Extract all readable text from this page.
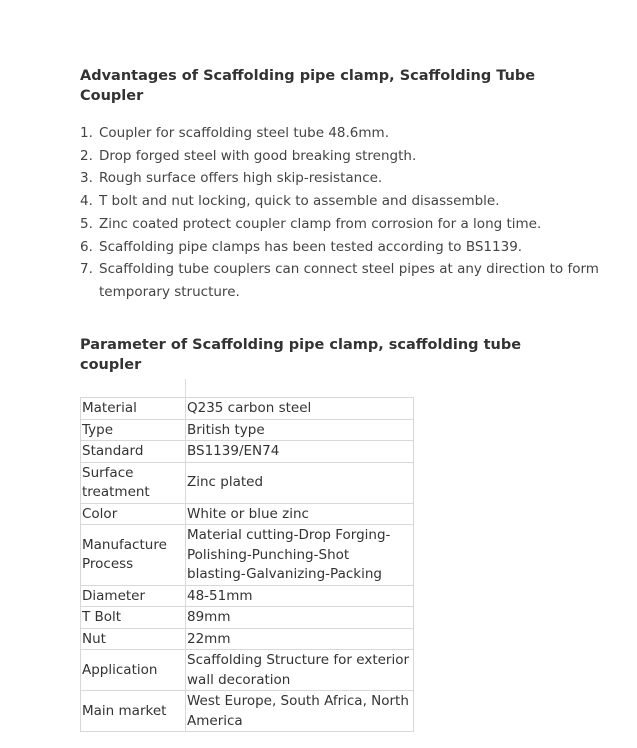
Advantages of Scaffolding pipe clamp, Scaffolding Tube Coupler
1. Coupler for scaffolding steel tube 48.6mm.
2. Drop forged steel with good breaking strength.
3. Rough surface offers high skip-resistance.
4. T bolt and nut locking, quick to assemble and disassemble.
5. Zinc coated protect coupler clamp from corrosion for a long time.
6. Scaffolding pipe clamps has been tested according to BS1139.
7. Scaffolding tube couplers can connect steel pipes at any direction to form temporary structure.
Parameter of Scaffolding pipe clamp, scaffolding tube coupler
Material	Q235 carbon steel
Type	British type
Standard	BS1139/EN74
Surface treatment	Zinc plated
Color	White or blue zinc
Manufacture Process	Material cutting-Drop Forging-Polishing-Punching-Shot blasting-Galvanizing-Packing
Diameter	48-51mm
T Bolt	89mm
Nut	22mm
Application	Scaffolding Structure for exterior wall decoration
Main market	West Europe, South Africa, North America
